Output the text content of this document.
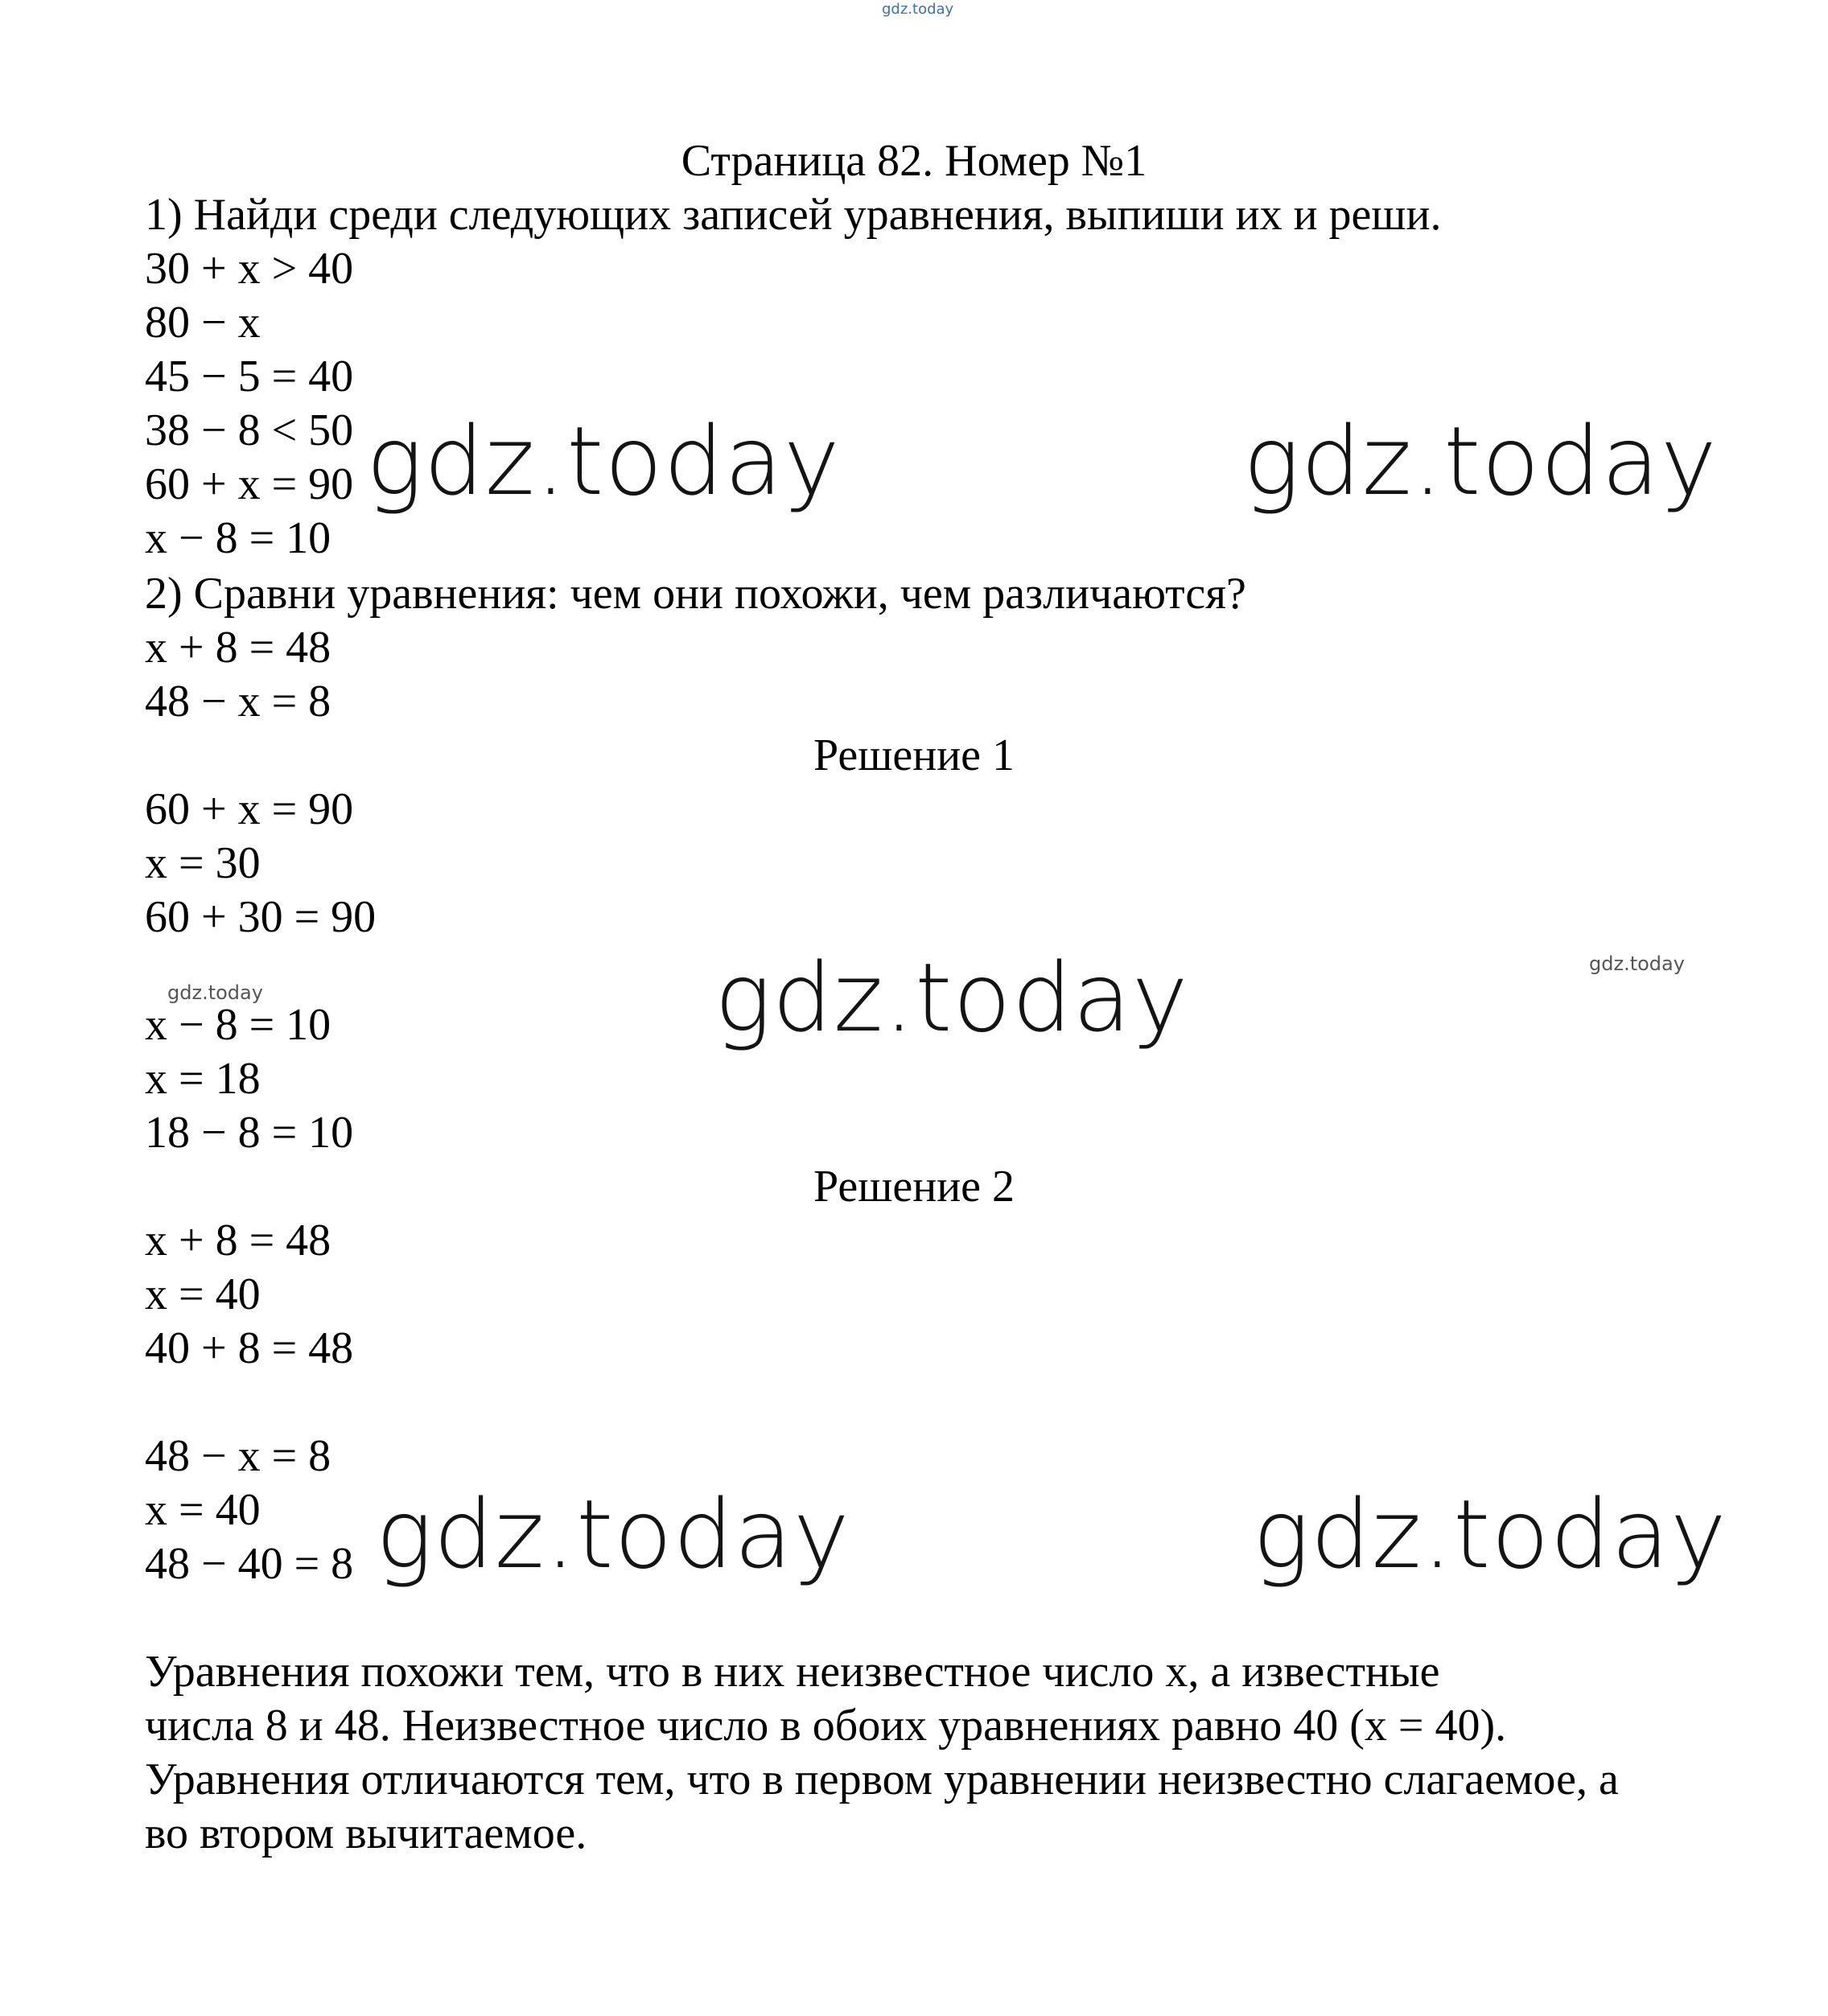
gdz.today
Страница 82. Номер №1
1) Найди среди следующих записей уравнения, выпиши их и реши.
30 + x > 40
80 − x
45 − 5 = 40
38 − 8 < 50
60 + x = 90
x − 8 = 10
2) Сравни уравнения: чем они похожи, чем различаются?
x + 8 = 48
48 − x = 8
Решение 1
60 + x = 90
x = 30
60 + 30 = 90
x − 8 = 10
x = 18
18 − 8 = 10
Решение 2
x + 8 = 48
x = 40
40 + 8 = 48
48 − x = 8
x = 40
48 − 40 = 8
Уравнения похожи тем, что в них неизвестное число x, а известные
числа 8 и 48. Неизвестное число в обоих уравнениях равно 40 (x = 40).
Уравнения отличаются тем, что в первом уравнении неизвестно слагаемое, а
во втором вычитаемое.
gdz.today	gdz.today
gdz.today
gdz.today	gdz.today
gdz.today
gdz.today
